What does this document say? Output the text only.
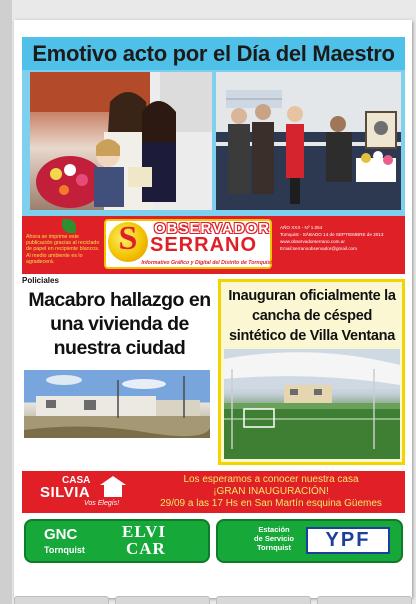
Emotivo acto por el Día del Maestro
Ahora se imprime este publicación gracias al reciclado de papel en recipiente blancos. Al medio ambiente es lo agradecerá.
S	OBSERVADOR
SERRANO
Informativo Gráfico y Digital del Distrito de Tornquist
AÑO XXX - Nº 1.054
Tornquist - SÁBADO 14 de SEPTIEMBRE de 2013
www.observadorserrano.com.ar
Email:serranoobservador@gmail.com
Policiales
Macabro hallazgo en una vivienda de nuestra ciudad
Inauguran oficialmente la cancha de césped sintético de Villa Ventana
CASA
SILVIA
Vos Elegís!
Los esperamos a conocer nuestra casa
¡GRAN INAUGURACIÓN!
29/09 a las 17 Hs en San Martín esquina Güemes
GNC
Tornquist
ELVI
CAR
Estación
de Servicio
Tornquist	YPF
